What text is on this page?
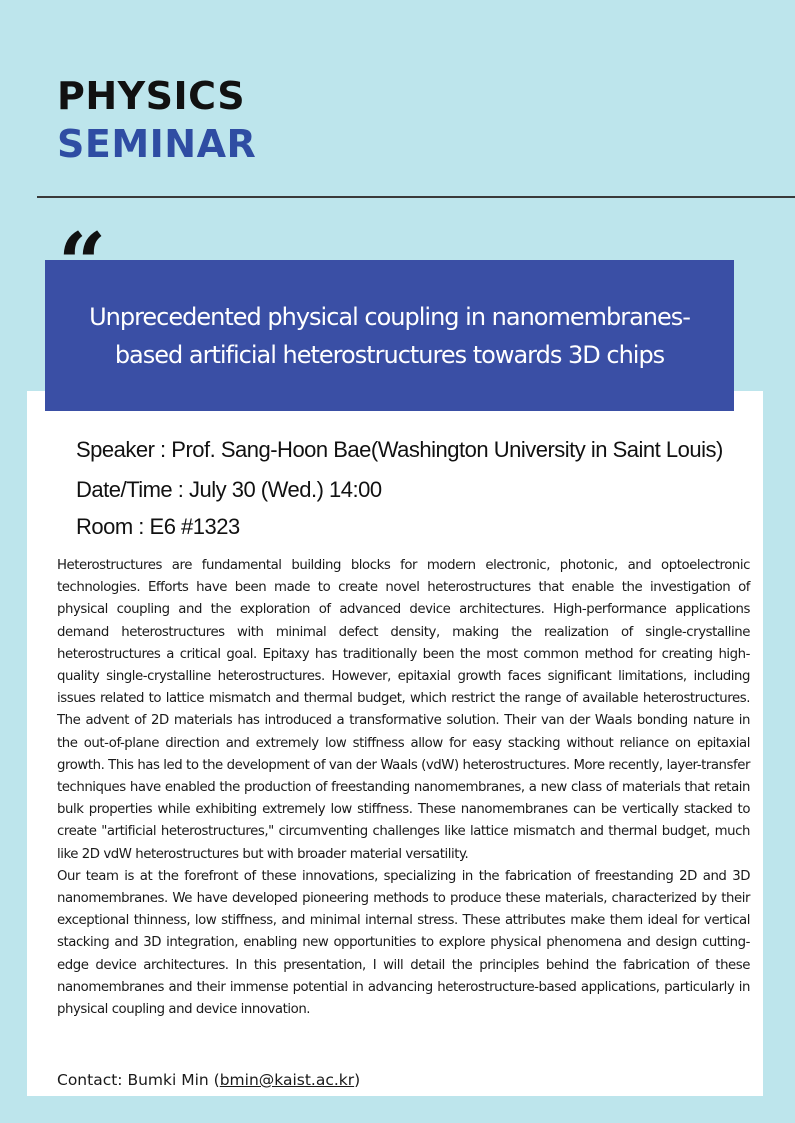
PHYSICS
SEMINAR
Unprecedented physical coupling in nanomembranes-based artificial heterostructures towards 3D chips
“
Speaker : Prof. Sang-Hoon Bae(Washington University in Saint Louis)
Date/Time : July 30 (Wed.) 14:00
Room : E6 #1323

Heterostructures are fundamental building blocks for modern electronic, photonic, and optoelectronic technologies. Efforts have been made to create novel heterostructures that enable the investigation of physical coupling and the exploration of advanced device architectures. High-performance applications demand heterostructures with minimal defect density, making the realization of single-crystalline heterostructures a critical goal. Epitaxy has traditionally been the most common method for creating high-quality single-crystalline heterostructures. However, epitaxial growth faces significant limitations, including issues related to lattice mismatch and thermal budget, which restrict the range of available heterostructures. The advent of 2D materials has introduced a transformative solution. Their van der Waals bonding nature in the out-of-plane direction and extremely low stiffness allow for easy stacking without reliance on epitaxial growth. This has led to the development of van der Waals (vdW) heterostructures. More recently, layer-transfer techniques have enabled the production of freestanding nanomembranes, a new class of materials that retain bulk properties while exhibiting extremely low stiffness. These nanomembranes can be vertically stacked to create "artificial heterostructures," circumventing challenges like lattice mismatch and thermal budget, much like 2D vdW heterostructures but with broader material versatility.

Our team is at the forefront of these innovations, specializing in the fabrication of freestanding 2D and 3D nanomembranes. We have developed pioneering methods to produce these materials, characterized by their exceptional thinness, low stiffness, and minimal internal stress. These attributes make them ideal for vertical stacking and 3D integration, enabling new opportunities to explore physical phenomena and design cutting-edge device architectures. In this presentation, I will detail the principles behind the fabrication of these nanomembranes and their immense potential in advancing heterostructure-based applications, particularly in physical coupling and device innovation.

Contact: Bumki Min (bmin@kaist.ac.kr)
